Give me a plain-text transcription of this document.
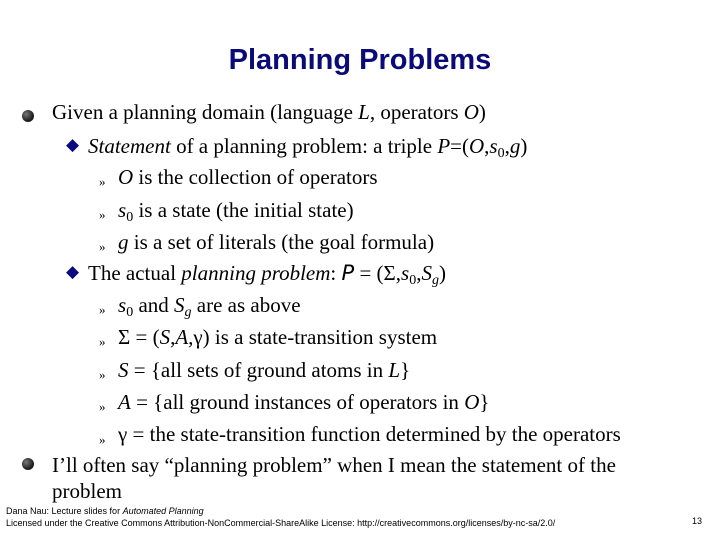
Planning Problems
Given a planning domain (language L, operators O)
◆ Statement of a planning problem: a triple $P=(O,s_0,g)$
» O is the collection of operators
» $s_0$ is a state (the initial state)
» g is a set of literals (the goal formula)
◆ The actual planning problem: $P = (\Sigma,s_0,S_g)$
» $s_0$ and $S_g$ are as above
» Σ = (S,A,γ) is a state-transition system
» S = {all sets of ground atoms in L}
» A = {all ground instances of operators in O}
» γ = the state-transition function determined by the operators
I’ll often say “planning problem” when I mean the statement of the
problem
Dana Nau: Lecture slides for Automated Planning
Licensed under the Creative Commons Attribution-NonCommercial-ShareAlike License: http://creativecommons.org/licenses/by-nc-sa/2.0/	13
